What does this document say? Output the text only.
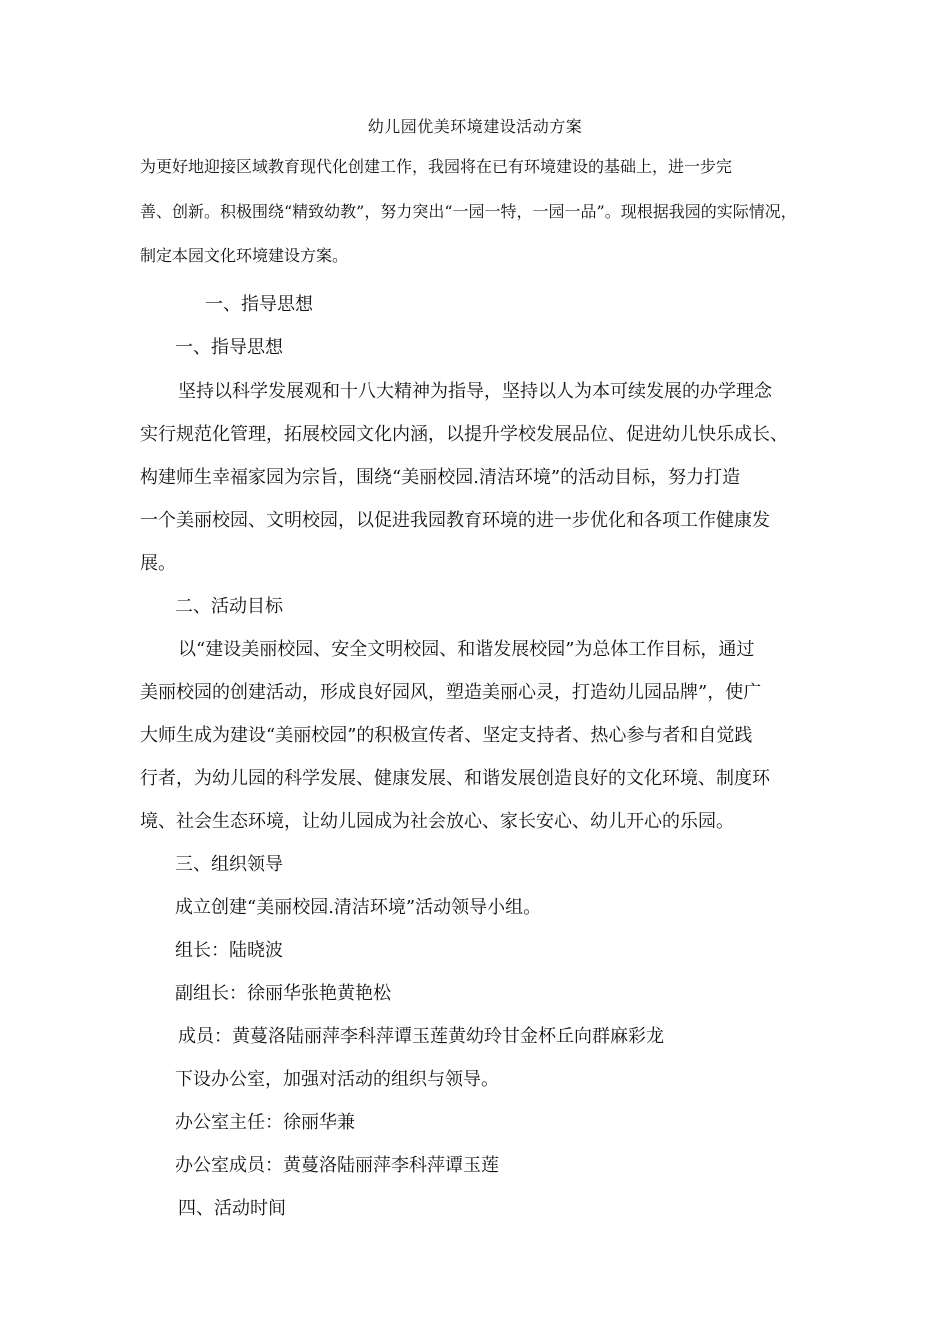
幼儿园优美环境建设活动方案
为更好地迎接区域教育现代化创建工作，我园将在已有环境建设的基础上，进一步完
善、创新。积极围绕“精致幼教”，努力突出“一园一特，一园一品”。现根据我园的实际情况，
制定本园文化环境建设方案。
一、指导思想
一、指导思想
坚持以科学发展观和十八大精神为指导，坚持以人为本可续发展的办学理念
实行规范化管理，拓展校园文化内涵，以提升学校发展品位、促进幼儿快乐成长、
构建师生幸福家园为宗旨，围绕“美丽校园.清洁环境”的活动目标，努力打造
一个美丽校园、文明校园，以促进我园教育环境的进一步优化和各项工作健康发
展。
二、活动目标
以“建设美丽校园、安全文明校园、和谐发展校园”为总体工作目标，通过
美丽校园的创建活动，形成良好园风，塑造美丽心灵，打造幼儿园品牌”，使广
大师生成为建设“美丽校园”的积极宣传者、坚定支持者、热心参与者和自觉践
行者，为幼儿园的科学发展、健康发展、和谐发展创造良好的文化环境、制度环
境、社会生态环境，让幼儿园成为社会放心、家长安心、幼儿开心的乐园。
三、组织领导
成立创建“美丽校园.清洁环境”活动领导小组。
组长：陆晓波
副组长：徐丽华张艳黄艳松
成员：黄蔓洛陆丽萍李科萍谭玉莲黄幼玲甘金杯丘向群麻彩龙
下设办公室，加强对活动的组织与领导。
办公室主任：徐丽华兼
办公室成员：黄蔓洛陆丽萍李科萍谭玉莲
四、活动时间
